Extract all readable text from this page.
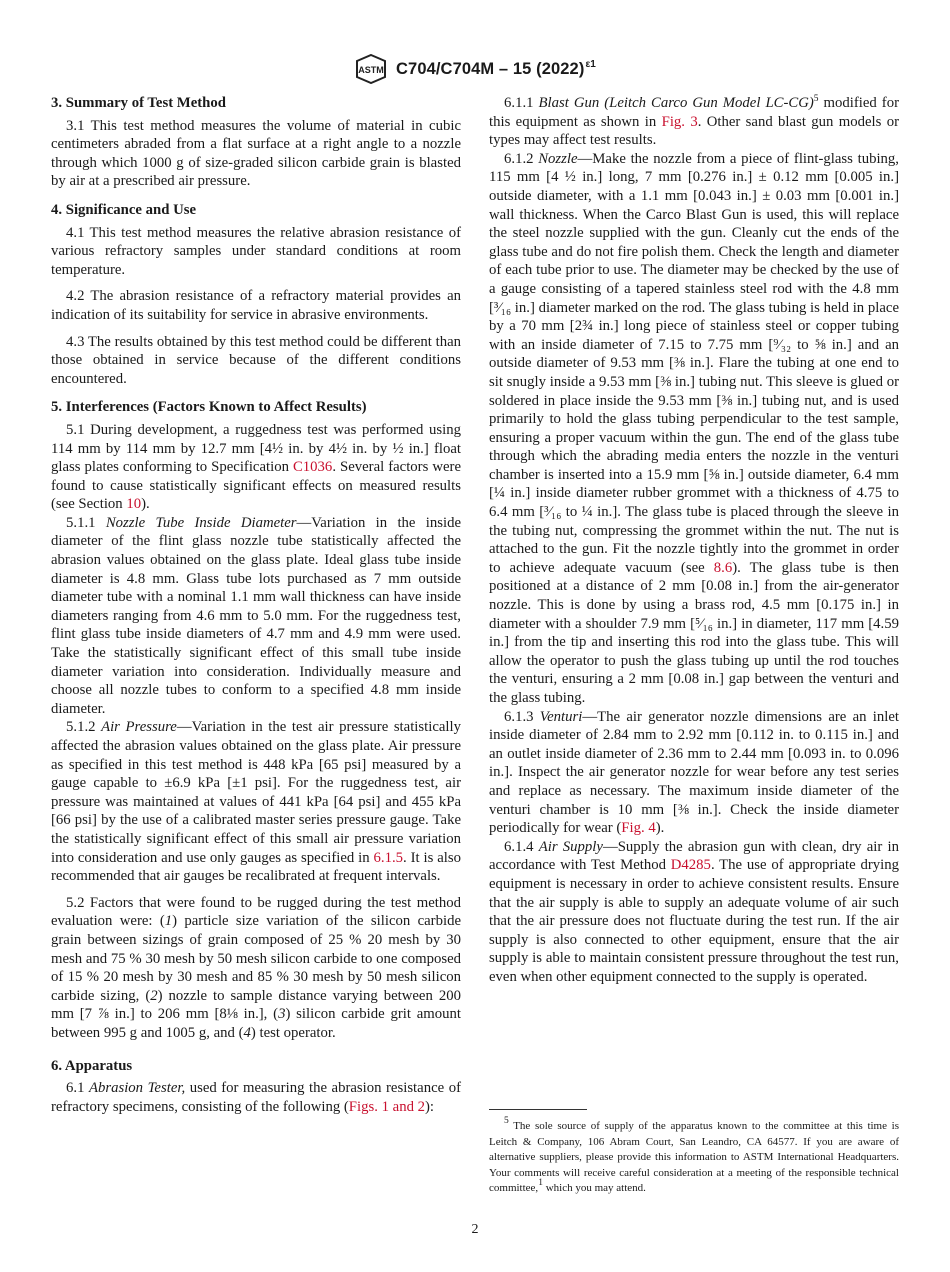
ASTM C704/C704M – 15 $(2022)^{\varepsilon 1}$
3. Summary of Test Method

3.1 This test method measures the volume of material in cubic centimeters abraded from a flat surface at a right angle to a nozzle through which 1000 g of size-graded silicon carbide grain is blasted by air at a prescribed air pressure.

4. Significance and Use

4.1 This test method measures the relative abrasion resistance of various refractory samples under standard conditions at room temperature.

4.2 The abrasion resistance of a refractory material provides an indication of its suitability for service in abrasive environments.

4.3 The results obtained by this test method could be different than those obtained in service because of the different conditions encountered.

5. Interferences (Factors Known to Affect Results)

5.1 During development, a ruggedness test was performed using 114 mm by 114 mm by 12.7 mm [4½ in. by 4½ in. by ½ in.] float glass plates conforming to Specification C1036. Several factors were found to cause statistically significant effects on measured results (see Section 10).

5.1.1 Nozzle Tube Inside Diameter—Variation in the inside diameter of the flint glass nozzle tube statistically affected the abrasion values obtained on the glass plate. Ideal glass tube inside diameter is 4.8 mm. Glass tube lots purchased as 7 mm outside diameter tube with a nominal 1.1 mm wall thickness can have inside diameters ranging from 4.6 mm to 5.0 mm. For the ruggedness test, flint glass tube inside diameters of 4.7 mm and 4.9 mm were used. Take the statistically significant effect of this small tube inside diameter variation into consideration. Individually measure and choose all nozzle tubes to conform to a specified 4.8 mm inside diameter.

5.1.2 Air Pressure—Variation in the test air pressure statistically affected the abrasion values obtained on the glass plate. Air pressure as specified in this test method is 448 kPa [65 psi] measured by a gauge capable to ±6.9 kPa [±1 psi]. For the ruggedness test, air pressure was maintained at values of 441 kPa [64 psi] and 455 kPa [66 psi] by the use of a calibrated master series pressure gauge. Take the statistically significant effect of this small air pressure variation into consideration and use only gauges as specified in 6.1.5. It is also recommended that air gauges be recalibrated at frequent intervals.

5.2 Factors that were found to be rugged during the test method evaluation were: (1) particle size variation of the silicon carbide grain between sizings of grain composed of 25 % 20 mesh by 30 mesh and 75 % 30 mesh by 50 mesh silicon carbide to one composed of 15 % 20 mesh by 30 mesh and 85 % 30 mesh by 50 mesh silicon carbide sizing, (2) nozzle to sample distance varying between 200 mm [7 ⅞ in.] to 206 mm [8⅛ in.], (3) silicon carbide grit amount between 995 g and 1005 g, and (4) test operator.

6. Apparatus

6.1 Abrasion Tester, used for measuring the abrasion resistance of refractory specimens, consisting of the following (Figs. 1 and 2):

6.1.1 Blast Gun (Leitch Carco Gun Model LC-CG)$^5$ modified for this equipment as shown in Fig. 3. Other sand blast gun models or types may affect test results.

6.1.2 Nozzle—Make the nozzle from a piece of flint-glass tubing, 115 mm [4 ½ in.] long, 7 mm [0.276 in.] ± 0.12 mm [0.005 in.] outside diameter, with a 1.1 mm [0.043 in.] ± 0.03 mm [0.001 in.] wall thickness. When the Carco Blast Gun is used, this will replace the steel nozzle supplied with the gun. Cleanly cut the ends of the glass tube and do not fire polish them. Check the length and diameter of each tube prior to use. The diameter may be checked by the use of a gauge consisting of a tapered stainless steel rod with the 4.8 mm [³⁄₁₆ in.] diameter marked on the rod. The glass tubing is held in place by a 70 mm [2¾ in.] long piece of stainless steel or copper tubing with an inside diameter of 7.15 to 7.75 mm [⁹⁄₃₂ to ⅝ in.] and an outside diameter of 9.53 mm [⅜ in.]. Flare the tubing at one end to sit snugly inside a 9.53 mm [⅜ in.] tubing nut. This sleeve is glued or soldered in place inside the 9.53 mm [⅜ in.] tubing nut, and is used primarily to hold the glass tubing perpendicular to the test sample, ensuring a proper vacuum within the gun. The end of the glass tube through which the abrading media enters the nozzle in the venturi chamber is inserted into a 15.9 mm [⅝ in.] outside diameter, 6.4 mm [¼ in.] inside diameter rubber grommet with a thickness of 4.75 to 6.4 mm [³⁄₁₆ to ¼ in.]. The glass tube is placed through the sleeve in the tubing nut, compressing the grommet within the nut. The nut is attached to the gun. Fit the nozzle tightly into the grommet in order to achieve adequate vacuum (see 8.6). The glass tube is then positioned at a distance of 2 mm [0.08 in.] from the air-generator nozzle. This is done by using a brass rod, 4.5 mm [0.175 in.] in diameter with a shoulder 7.9 mm [⁵⁄₁₆ in.] in diameter, 117 mm [4.59 in.] from the tip and inserting this rod into the glass tube. This will allow the operator to push the glass tubing up until the rod touches the venturi, ensuring a 2 mm [0.08 in.] gap between the venturi and the glass tubing.

6.1.3 Venturi—The air generator nozzle dimensions are an inlet inside diameter of 2.84 mm to 2.92 mm [0.112 in. to 0.115 in.] and an outlet inside diameter of 2.36 mm to 2.44 mm [0.093 in. to 0.096 in.]. Inspect the air generator nozzle for wear before any test series and replace as necessary. The maximum inside diameter of the venturi chamber is 10 mm [⅜ in.]. Check the inside diameter periodically for wear (Fig. 4).

6.1.4 Air Supply—Supply the abrasion gun with clean, dry air in accordance with Test Method D4285. The use of appropriate drying equipment is necessary in order to achieve consistent results. Ensure that the air supply is able to supply an adequate volume of air such that the air pressure does not fluctuate during the test run. If the air supply is also connected to other equipment, ensure that the air supply is able to maintain consistent pressure throughout the test run, even when other equipment connected to the supply is operated.

$^5$ The sole source of supply of the apparatus known to the committee at this time is Leitch & Company, 106 Abram Court, San Leandro, CA 64577. If you are aware of alternative suppliers, please provide this information to ASTM International Headquarters. Your comments will receive careful consideration at a meeting of the responsible technical committee,$^1$ which you may attend.
2
